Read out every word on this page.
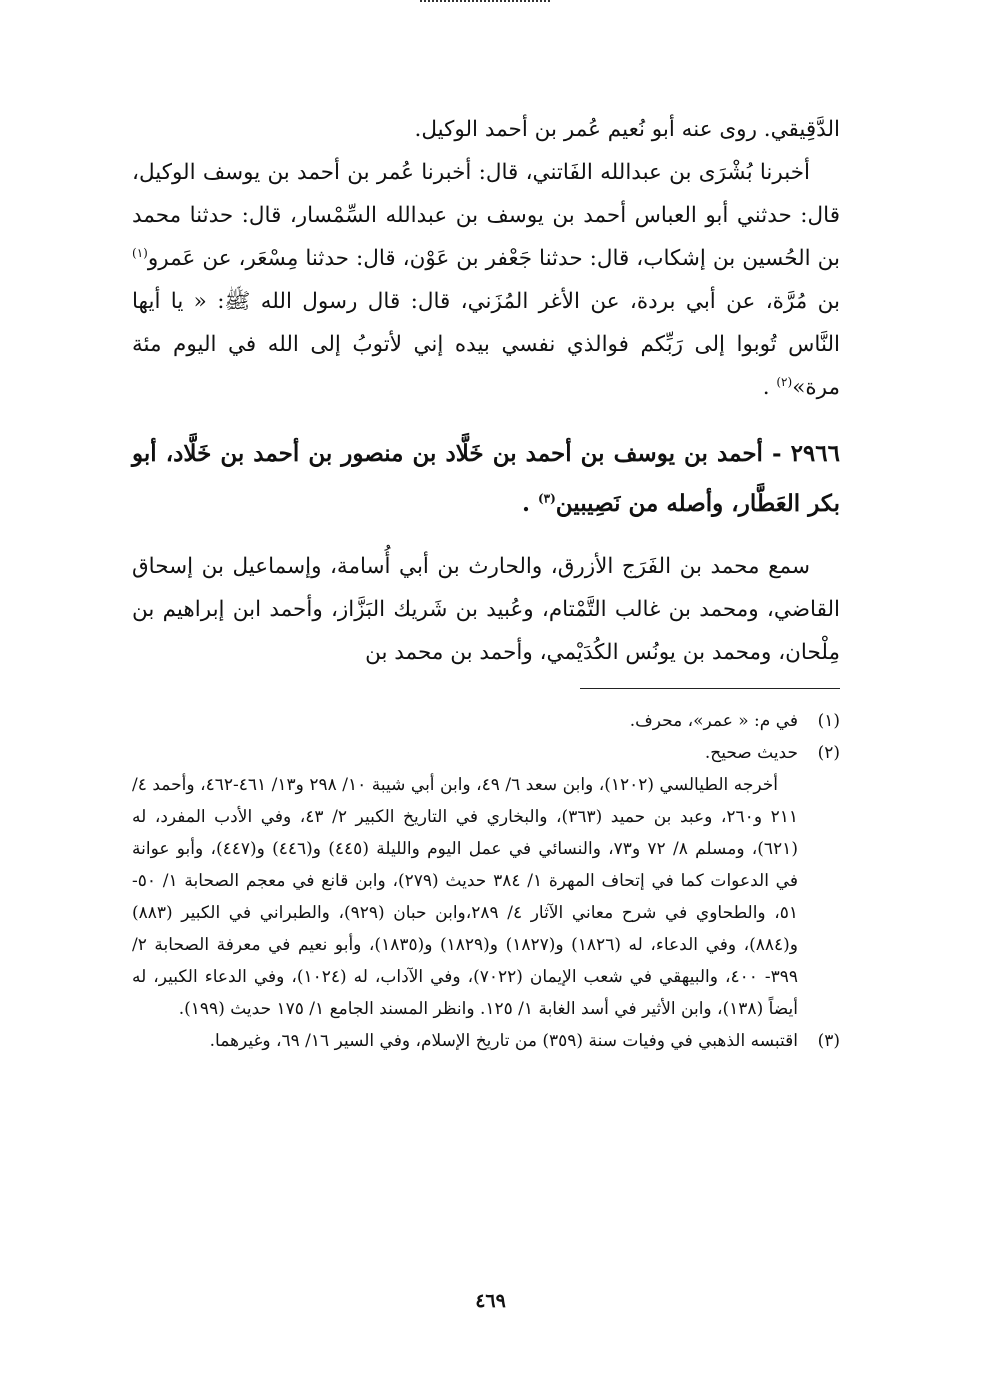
الدَّقِيقي. روى عنه أبو نُعيم عُمر بن أحمد الوكيل.

أخبرنا بُشْرَى بن عبدالله الفَاتني، قال: أخبرنا عُمر بن أحمد بن يوسف الوكيل، قال: حدثني أبو العباس أحمد بن يوسف بن عبدالله السِّمْسار، قال: حدثنا محمد بن الحُسين بن إشكاب، قال: حدثنا جَعْفر بن عَوْن، قال: حدثنا مِسْعَر، عن عَمرو$^{(١)}$ بن مُرَّة، عن أبي بردة، عن الأغر المُزَني، قال: قال رسول الله ﷺ: « يا أيها النَّاس تُوبوا إلى رَبِّكم فوالذي نفسي بيده إني لأتوبُ إلى الله في اليوم مئة مرة»$^{(٢)}$ .

٢٩٦٦ - أحمد بن يوسف بن أحمد بن خَلَّاد بن منصور بن أحمد بن خَلَّاد، أبو بكر العَطَّار، وأصله من نَصِيبين$^{(٣)}$ .

سمع محمد بن الفَرَج الأزرق، والحارث بن أبي أُسامة، وإسماعيل بن إسحاق القاضي، ومحمد بن غالب التَّمْتام، وعُبيد بن شَريك البَزَّاز، وأحمد ابن إبراهيم بن مِلْحان، ومحمد بن يونُس الكُدَيْمي، وأحمد بن محمد بن

(١)
في م: « عمر»، محرف.
(٢)
حديث صحيح.
أخرجه الطيالسي (١٢٠٢)، وابن سعد ٦/ ٤٩، وابن أبي شيبة ١٠/ ٢٩٨ و١٣/ ٤٦١-٤٦٢، وأحمد ٤/ ٢١١ و٢٦٠، وعبد بن حميد (٣٦٣)، والبخاري في التاريخ الكبير ٢/ ٤٣، وفي الأدب المفرد، له (٦٢١)، ومسلم ٨/ ٧٢ و٧٣، والنسائي في عمل اليوم والليلة (٤٤٥) و(٤٤٦) و(٤٤٧)، وأبو عوانة في الدعوات كما في إتحاف المهرة ١/ ٣٨٤ حديث (٢٧٩)، وابن قانع في معجم الصحابة ١/ ٥٠- ٥١، والطحاوي في شرح معاني الآثار ٤/ ٢٨٩،وابن حبان (٩٢٩)، والطبراني في الكبير (٨٨٣) و(٨٨٤)، وفي الدعاء، له (١٨٢٦) و(١٨٢٧) و(١٨٢٩) و(١٨٣٥)، وأبو نعيم في معرفة الصحابة ٢/ ٣٩٩- ٤٠٠، والبيهقي في شعب الإيمان (٧٠٢٢)، وفي الآداب، له (١٠٢٤)، وفي الدعاء الكبير، له أيضاً (١٣٨)، وابن الأثير في أسد الغابة ١/ ١٢٥. وانظر المسند الجامع ١/ ١٧٥ حديث (١٩٩).
(٣)
اقتبسه الذهبي في وفيات سنة (٣٥٩) من تاريخ الإسلام، وفي السير ١٦/ ٦٩، وغيرهما.
٤٦٩
